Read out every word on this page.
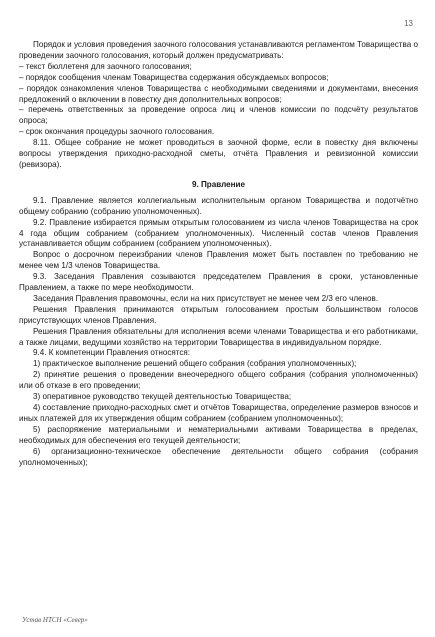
13

Порядок и условия проведения заочного голосования устанавливаются регламентом Товарищества о проведении заочного голосования, который должен предусматривать:

– текст бюллетеня для заочного голосования;

– порядок сообщения членам Товарищества содержания обсуждаемых вопросов;

– порядок ознакомления членов Товарищества с необходимыми сведениями и документами, внесения предложений о включении в повестку дня дополнительных вопросов;

– перечень ответственных за проведение опроса лиц и членов комиссии по подсчёту результатов опроса;

– срок окончания процедуры заочного голосования.

8.11. Общее собрание не может проводиться в заочной форме, если в повестку дня включены вопросы утверждения приходно-расходной сметы, отчёта Правления и ревизионной комиссии (ревизора).

9. Правление

9.1. Правление является коллегиальным исполнительным органом Товарищества и подотчётно общему собранию (собранию уполномоченных).

9.2. Правление избирается прямым открытым голосованием из числа членов Товарищества на срок 4 года общим собранием (собранием уполномоченных). Численный состав членов Правления устанавливается общим собранием (собранием уполномоченных).

Вопрос о досрочном переизбрании членов Правления может быть поставлен по требованию не менее чем 1/3 членов Товарищества.

9.3. Заседания Правления созываются председателем Правления в сроки, установленные Правлением, а также по мере необходимости.

Заседания Правления правомочны, если на них присутствует не менее чем 2/3 его членов.

Решения Правления принимаются открытым голосованием простым большинством голосов присутствующих членов Правления.

Решения Правления обязательны для исполнения всеми членами Товарищества и его работниками, а также лицами, ведущими хозяйство на территории Товарищества в индивидуальном порядке.

9.4. К компетенции Правления относятся:

1) практическое выполнение решений общего собрания (собрания уполномоченных);

2) принятие решения о проведении внеочередного общего собрания (собрания уполномоченных) или об отказе в его проведении;

3) оперативное руководство текущей деятельностью Товарищества;

4) составление приходно-расходных смет и отчётов Товарищества, определение размеров взносов и иных платежей для их утверждения общим собранием (собранием уполномоченных);

5) распоряжение материальными и нематериальными активами Товарищества в пределах, необходимых для обеспечения его текущей деятельности;

6) организационно-техническое обеспечение деятельности общего собрания (собрания уполномоченных);

Устав НТСН «Север»
